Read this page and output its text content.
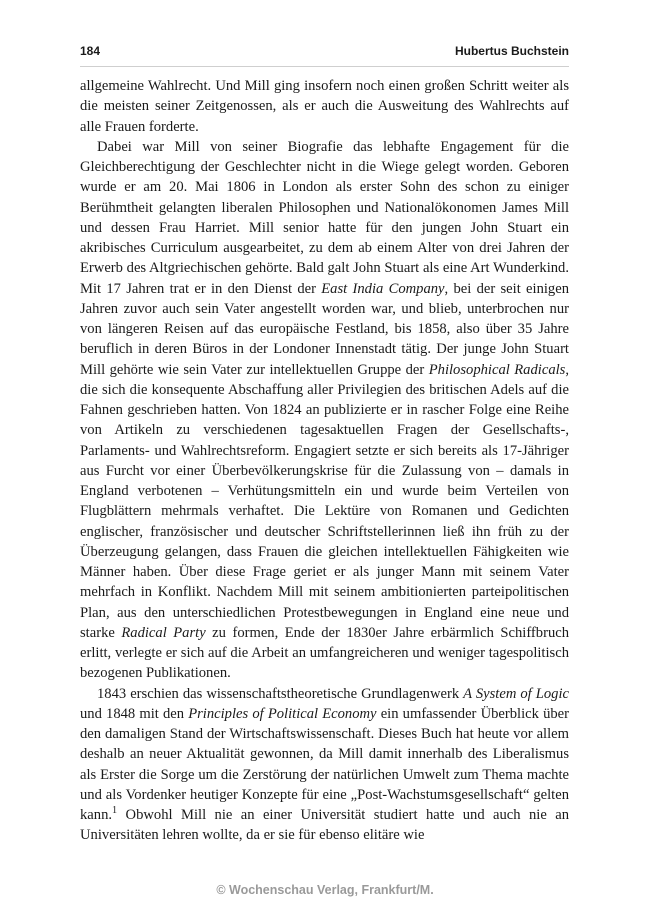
184	Hubertus Buchstein

allgemeine Wahlrecht. Und Mill ging insofern noch einen großen Schritt weiter als die meisten seiner Zeitgenossen, als er auch die Ausweitung des Wahlrechts auf alle Frauen forderte.

Dabei war Mill von seiner Biografie das lebhafte Engagement für die Gleichberechtigung der Geschlechter nicht in die Wiege gelegt worden. Geboren wurde er am 20. Mai 1806 in London als erster Sohn des schon zu einiger Berühmtheit gelangten liberalen Philosophen und Nationalökonomen James Mill und dessen Frau Harriet. Mill senior hatte für den jungen John Stuart ein akribisches Curriculum ausgearbeitet, zu dem ab einem Alter von drei Jahren der Erwerb des Altgriechischen gehörte. Bald galt John Stuart als eine Art Wunderkind. Mit 17 Jahren trat er in den Dienst der East India Company, bei der seit einigen Jahren zuvor auch sein Vater angestellt worden war, und blieb, unterbrochen nur von längeren Reisen auf das europäische Festland, bis 1858, also über 35 Jahre beruflich in deren Büros in der Londoner Innenstadt tätig. Der junge John Stuart Mill gehörte wie sein Vater zur intellektuellen Gruppe der Philosophical Radicals, die sich die konsequente Abschaffung aller Privilegien des britischen Adels auf die Fahnen geschrieben hatten. Von 1824 an publizierte er in rascher Folge eine Reihe von Artikeln zu verschiedenen tagesaktuellen Fragen der Gesellschafts-, Parlaments- und Wahlrechtsreform. Engagiert setzte er sich bereits als 17-Jähriger aus Furcht vor einer Überbevölkerungskrise für die Zulassung von – damals in England verbotenen – Verhütungsmitteln ein und wurde beim Verteilen von Flugblättern mehrmals verhaftet. Die Lektüre von Romanen und Gedichten englischer, französischer und deutscher Schriftstellerinnen ließ ihn früh zu der Überzeugung gelangen, dass Frauen die gleichen intellektuellen Fähigkeiten wie Männer haben. Über diese Frage geriet er als junger Mann mit seinem Vater mehrfach in Konflikt. Nachdem Mill mit seinem ambitionierten parteipolitischen Plan, aus den unterschiedlichen Protestbewegungen in England eine neue und starke Radical Party zu formen, Ende der 1830er Jahre erbärmlich Schiffbruch erlitt, verlegte er sich auf die Arbeit an umfangreicheren und weniger tagespolitisch bezogenen Publikationen.

1843 erschien das wissenschaftstheoretische Grundlagenwerk A System of Logic und 1848 mit den Principles of Political Economy ein umfassender Überblick über den damaligen Stand der Wirtschaftswissenschaft. Dieses Buch hat heute vor allem deshalb an neuer Aktualität gewonnen, da Mill damit innerhalb des Liberalismus als Erster die Sorge um die Zerstörung der natürlichen Umwelt zum Thema machte und als Vordenker heutiger Konzepte für eine „Post-Wachstumsgesellschaft“ gelten kann.$^1$ Obwohl Mill nie an einer Universität studiert hatte und auch nie an Universitäten lehren wollte, da er sie für ebenso elitäre wie

© Wochenschau Verlag, Frankfurt/M.
